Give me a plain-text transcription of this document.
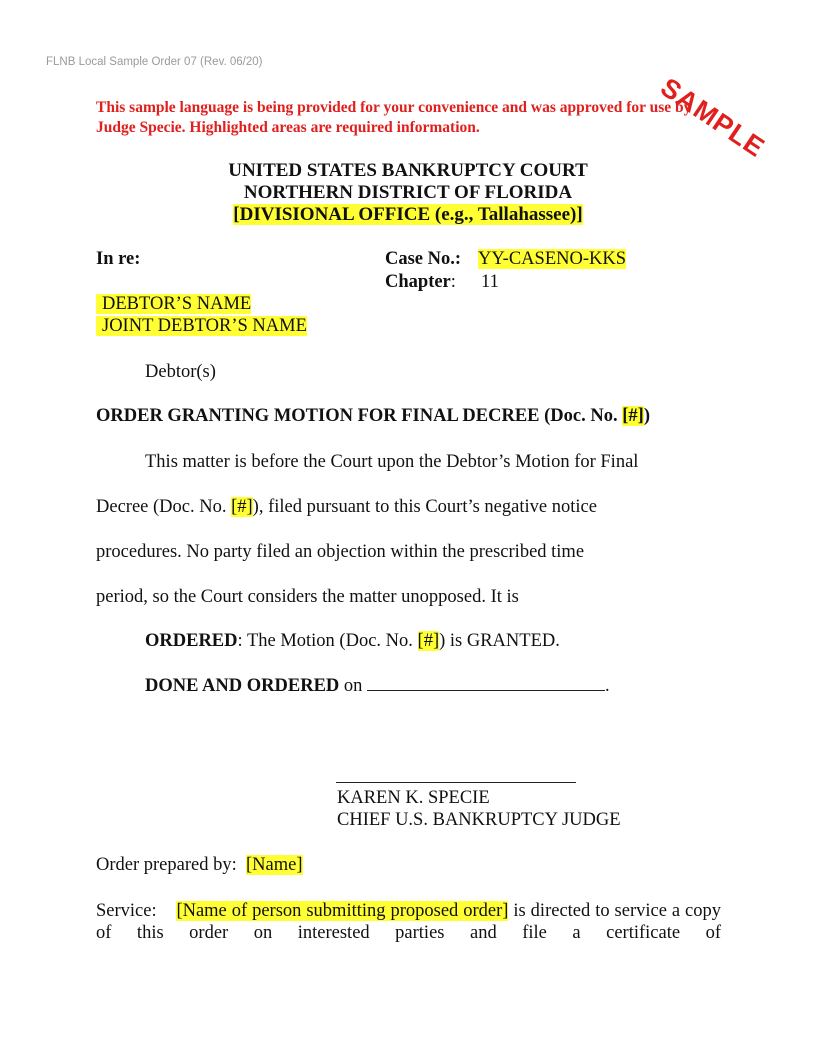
FLNB Local Sample Order 07 (Rev. 06/20)
SAMPLE
This sample language is being provided for your convenience and was approved for use by Judge Specie. Highlighted areas are required information.
UNITED STATES BANKRUPTCY COURT
NORTHERN DISTRICT OF FLORIDA
[DIVISIONAL OFFICE (e.g., Tallahassee)]
In re:	Case No.: YY-CASENO-KKS
Chapter: 11
DEBTOR’S NAME
JOINT DEBTOR’S NAME
Debtor(s)
ORDER GRANTING MOTION FOR FINAL DECREE (Doc. No. [#])
This matter is before the Court upon the Debtor’s Motion for Final
Decree (Doc. No. [#]), filed pursuant to this Court’s negative notice
procedures. No party filed an objection within the prescribed time
period, so the Court considers the matter unopposed. It is
ORDERED: The Motion (Doc. No. [#]) is GRANTED.
DONE AND ORDERED on	.
KAREN K. SPECIE
CHIEF U.S. BANKRUPTCY JUDGE
Order prepared by: [Name]
Service: [Name of person submitting proposed order] is directed to service a copy of this order on interested parties and file a certificate of
